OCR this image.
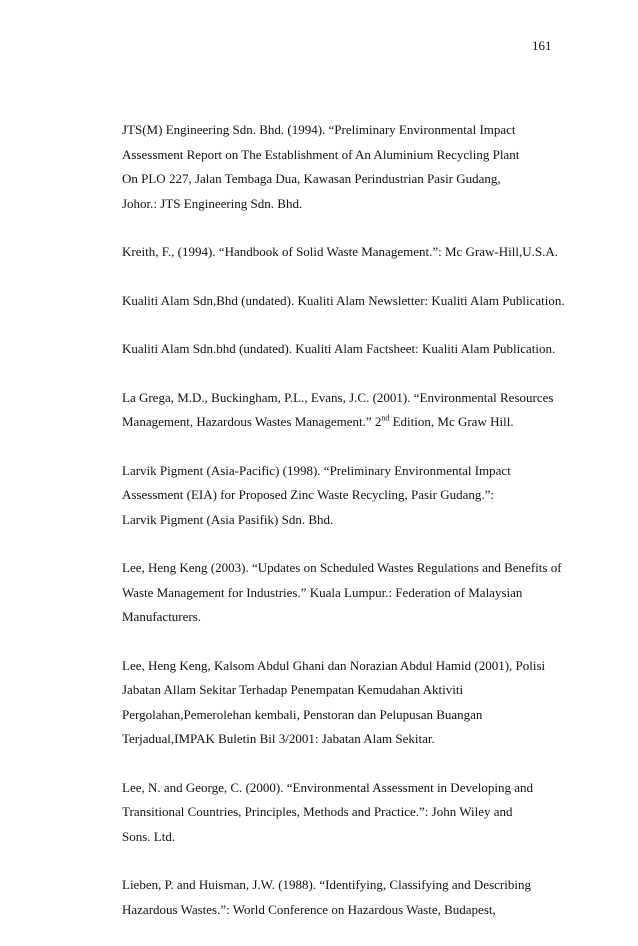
161

JTS(M) Engineering Sdn. Bhd. (1994). “Preliminary Environmental Impact
Assessment Report on The Establishment of An Aluminium Recycling Plant
On PLO 227, Jalan Tembaga Dua, Kawasan Perindustrian Pasir Gudang,
Johor.: JTS Engineering Sdn. Bhd.

Kreith, F., (1994). “Handbook of Solid Waste Management.”: Mc Graw-Hill,U.S.A.

Kualiti Alam Sdn,Bhd (undated). Kualiti Alam Newsletter: Kualiti Alam Publication.

Kualiti Alam Sdn.bhd (undated). Kualiti Alam Factsheet: Kualiti Alam Publication.

La Grega, M.D., Buckingham, P.L., Evans, J.C. (2001). “Environmental Resources
Management, Hazardous Wastes Management.” 2nd Edition, Mc Graw Hill.

Larvik Pigment (Asia-Pacific) (1998). “Preliminary Environmental Impact
Assessment (EIA) for Proposed Zinc Waste Recycling, Pasir Gudang.”:
Larvik Pigment (Asia Pasifik) Sdn. Bhd.

Lee, Heng Keng (2003). “Updates on Scheduled Wastes Regulations and Benefits of
Waste Management for Industries.” Kuala Lumpur.: Federation of Malaysian
Manufacturers.

Lee, Heng Keng, Kalsom Abdul Ghani dan Norazian Abdul Hamid (2001), Polisi
Jabatan Allam Sekitar Terhadap Penempatan Kemudahan Aktiviti
Pergolahan,Pemerolehan kembali, Penstoran dan Pelupusan Buangan
Terjadual,IMPAK Buletin Bil 3/2001: Jabatan Alam Sekitar.

Lee, N. and George, C. (2000). “Environmental Assessment in Developing and
Transitional Countries, Principles, Methods and Practice.”: John Wiley and
Sons. Ltd.

Lieben, P. and Huisman, J.W. (1988). “Identifying, Classifying and Describing
Hazardous Wastes.”: World Conference on Hazardous Waste, Budapest,
